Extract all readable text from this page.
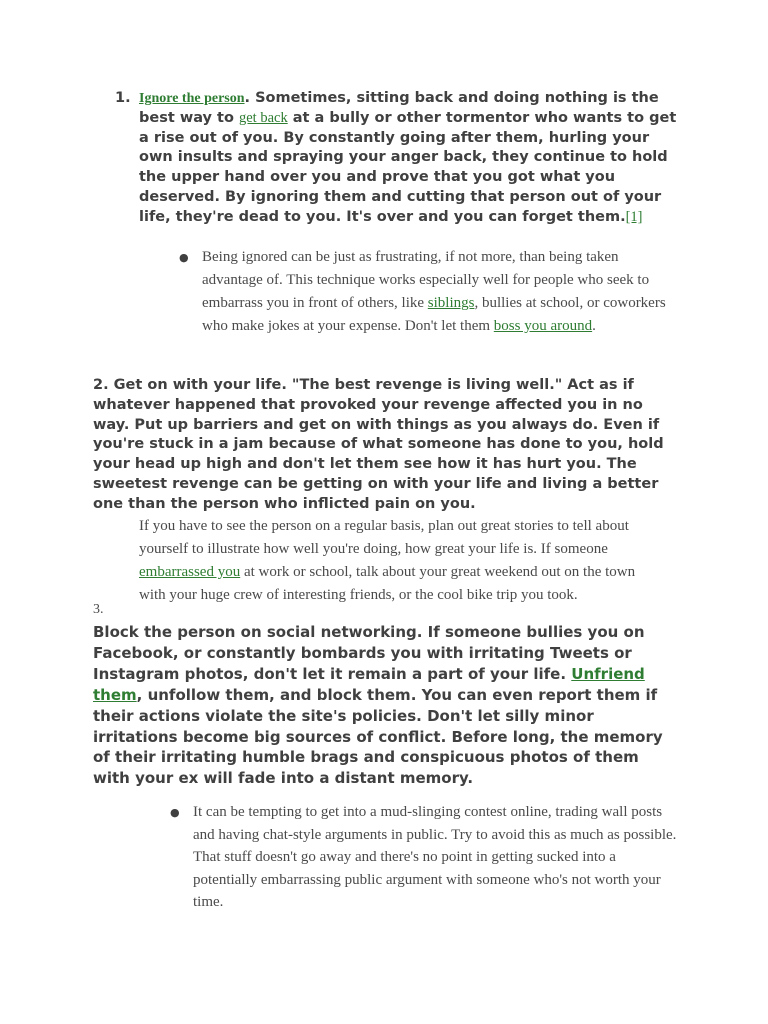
1. Ignore the person. Sometimes, sitting back and doing nothing is the best way to get back at a bully or other tormentor who wants to get a rise out of you. By constantly going after them, hurling your own insults and spraying your anger back, they continue to hold the upper hand over you and prove that you got what you deserved. By ignoring them and cutting that person out of your life, they're dead to you. It's over and you can forget them.[1]
● Being ignored can be just as frustrating, if not more, than being taken advantage of. This technique works especially well for people who seek to embarrass you in front of others, like siblings, bullies at school, or coworkers who make jokes at your expense. Don't let them boss you around.
2. Get on with your life. "The best revenge is living well." Act as if whatever happened that provoked your revenge affected you in no way. Put up barriers and get on with things as you always do. Even if you're stuck in a jam because of what someone has done to you, hold your head up high and don't let them see how it has hurt you. The sweetest revenge can be getting on with your life and living a better one than the person who inflicted pain on you.
If you have to see the person on a regular basis, plan out great stories to tell about yourself to illustrate how well you're doing, how great your life is. If someone embarrassed you at work or school, talk about your great weekend out on the town with your huge crew of interesting friends, or the cool bike trip you took.
3.
Block the person on social networking. If someone bullies you on Facebook, or constantly bombards you with irritating Tweets or Instagram photos, don't let it remain a part of your life. Unfriend them, unfollow them, and block them. You can even report them if their actions violate the site's policies. Don't let silly minor irritations become big sources of conflict. Before long, the memory of their irritating humble brags and conspicuous photos of them with your ex will fade into a distant memory.
● It can be tempting to get into a mud-slinging contest online, trading wall posts and having chat-style arguments in public. Try to avoid this as much as possible. That stuff doesn't go away and there's no point in getting sucked into a potentially embarrassing public argument with someone who's not worth your time.
